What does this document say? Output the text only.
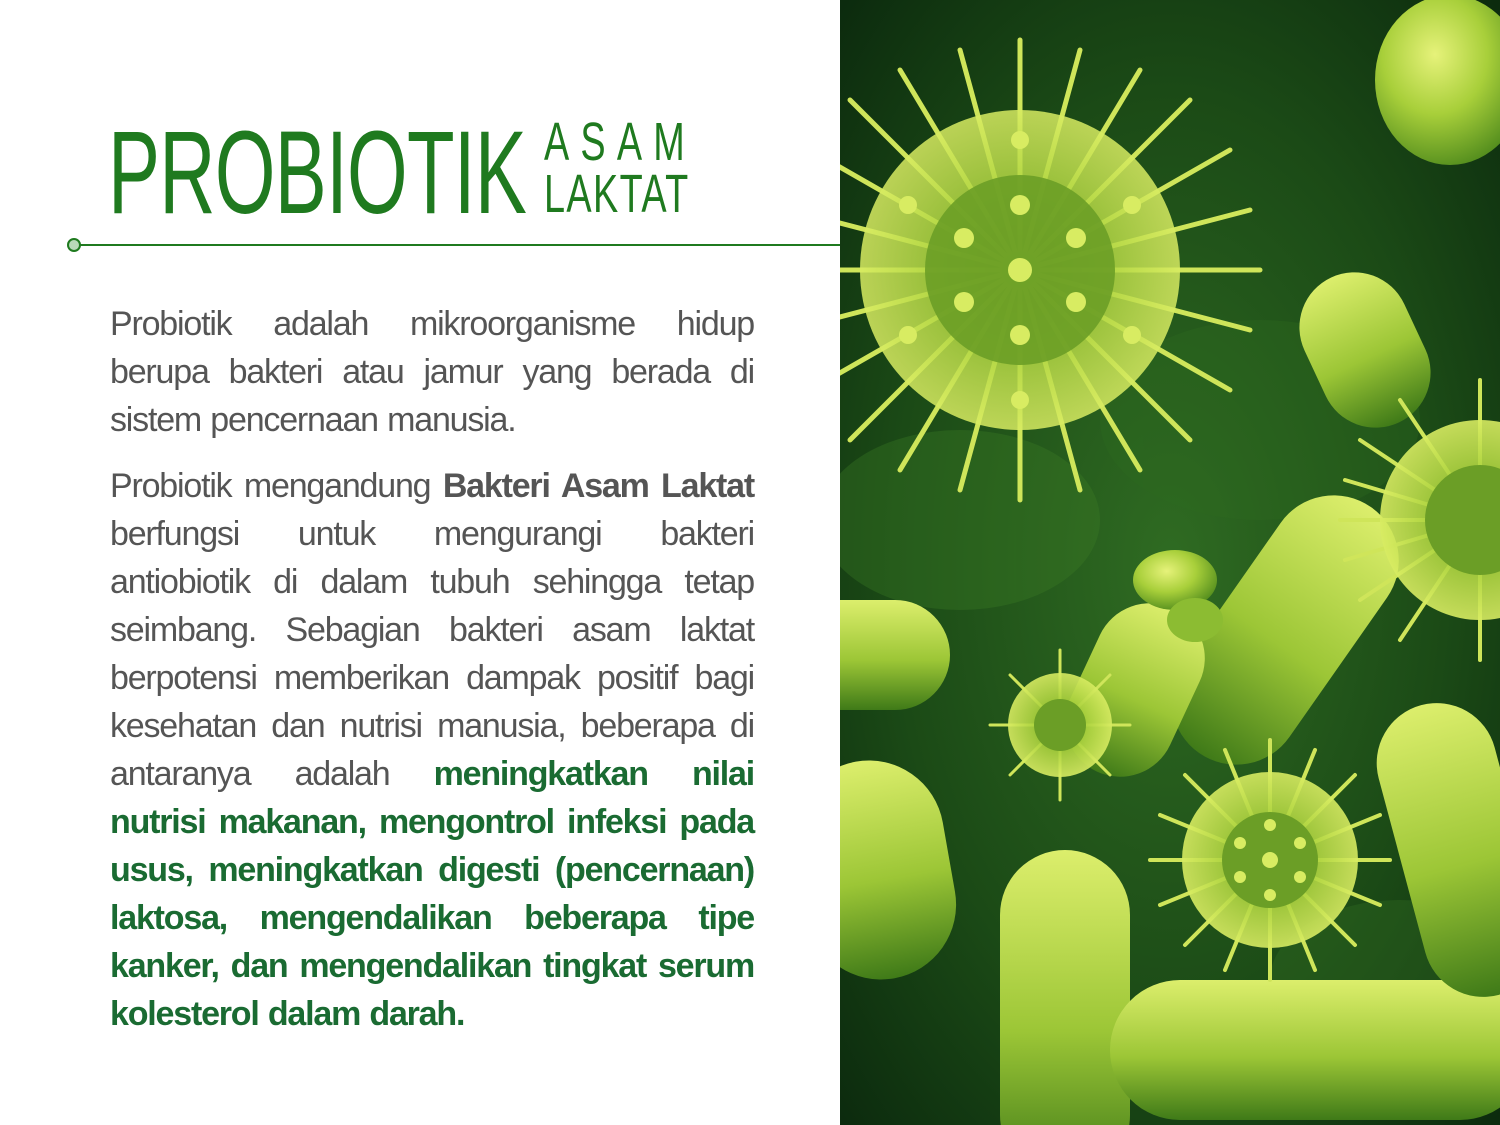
PROBIOTIK ASAM
LAKTAT

Probiotik adalah mikroorganisme hidup berupa bakteri atau jamur yang berada di sistem pencernaan manusia.

Probiotik mengandung Bakteri Asam Laktat berfungsi untuk mengurangi bakteri antiobiotik di dalam tubuh sehingga tetap seimbang. Sebagian bakteri asam laktat berpotensi memberikan dampak positif bagi kesehatan dan nutrisi manusia, beberapa di antaranya adalah meningkatkan nilai nutrisi makanan, mengontrol infeksi pada usus, meningkatkan digesti (pencernaan) laktosa, mengendalikan beberapa tipe kanker, dan mengendalikan tingkat serum kolesterol dalam darah.
